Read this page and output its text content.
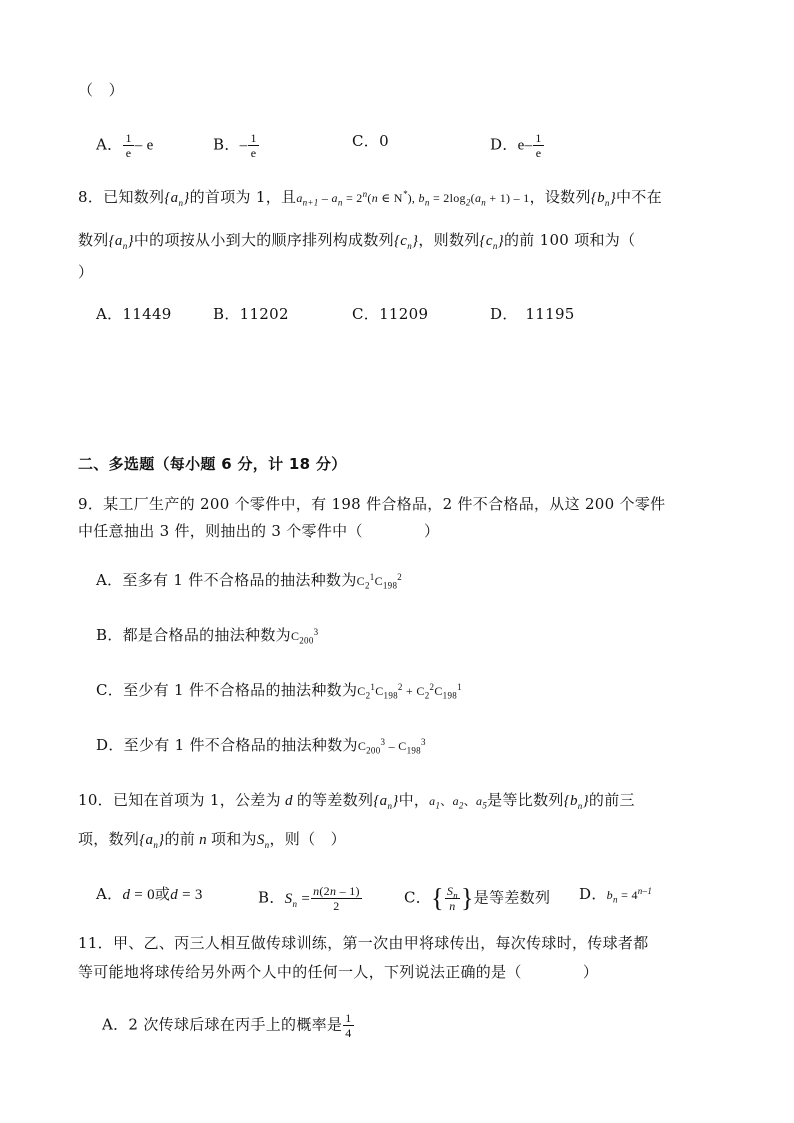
（　）
A． $\frac{1}{e}$ – e	B．– $\frac{1}{e}$	C．0	D．$e- \frac{1}{e}$
8．已知数列$\{a_n\}$的首项为 1，且$a_{n+1} - a_n = 2^n(n$ ∈ N*), $b_n = 2\log_2(a_n + 1) - 1$，设数列$\{b_n\}$中不在
数列$\{a_n\}$中的项按从小到大的顺序排列构成数列$\{c_n\}$，则数列$\{c_n\}$的前 100 项和为（
）
A．11449	B．11202	C．11209	D．　11195
二、多选题（每小题 6 分，计 18 分）
9．某工厂生产的 200 个零件中，有 198 件合格品，2 件不合格品，从这 200 个零件
中任意抽出 3 件，则抽出的 3 个零件中（　　　　）
A．至多有 1 件不合格品的抽法种数为$C_2^1C_{198}^2$
B．都是合格品的抽法种数为$C_{200}^3$
C．至少有 1 件不合格品的抽法种数为$C_2^1C_{198}^2 + C_2^2C_{198}^1$
D．至少有 1 件不合格品的抽法种数为$C_{200}^3 - C_{198}^3$
10．已知在首项为 1，公差为 d 的等差数列$\{a_n\}$中，$a_1$、$a_2$、$a_5$是等比数列$\{b_n\}$的前三
项，数列$\{a_n\}$的前 n 项和为$S_n$，则（　）
A．d = 0或d = 3	B．$S_n = \frac{n(2n - 1)}{2}$	C．{ $\frac{S_n}{n}$ }是等差数列 D．$b_n = 4^{n-1}$
11．甲、乙、丙三人相互做传球训练，第一次由甲将球传出，每次传球时，传球者都
等可能地将球传给另外两个人中的任何一人，下列说法正确的是（　　　　）
A．2 次传球后球在丙手上的概率是 $\frac{1}{4}$
